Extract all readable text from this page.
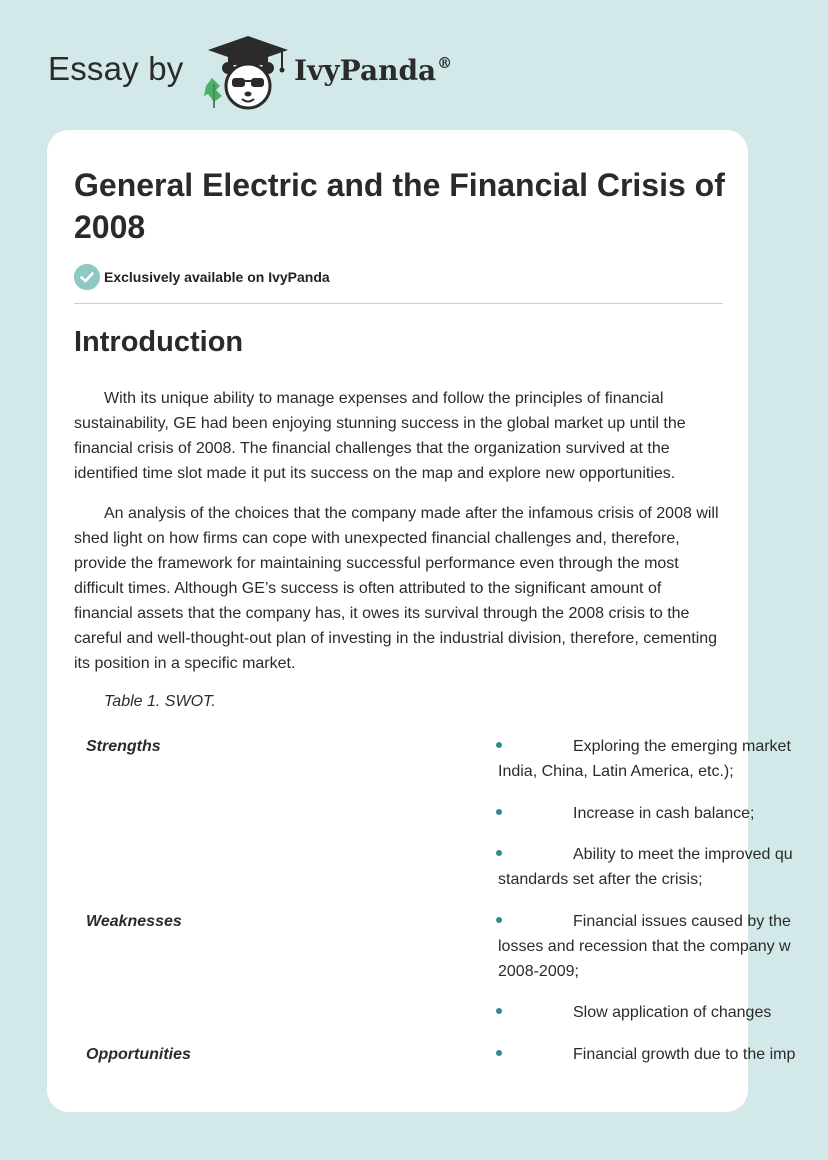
Essay by	IvyPanda®
General Electric and the Financial Crisis of 2008
Exclusively available on IvyPanda
Introduction

With its unique ability to manage expenses and follow the principles of financial sustainability, GE had been enjoying stunning success in the global market up until the financial crisis of 2008. The financial challenges that the organization survived at the identified time slot made it put its success on the map and explore new opportunities.

An analysis of the choices that the company made after the infamous crisis of 2008 will shed light on how firms can cope with unexpected financial challenges and, therefore, provide the framework for maintaining successful performance even through the most difficult times. Although GE’s success is often attributed to the significant amount of financial assets that the company has, it owes its survival through the 2008 crisis to the careful and well-thought-out plan of investing in the industrial division, therefore, cementing its position in a specific market.

Table 1. SWOT.

Strengths

Weaknesses

Opportunities

Exploring the emerging market
India, China, Latin America, etc.);
Increase in cash balance;
Ability to meet the improved qu
standards set after the crisis;
Financial issues caused by the
losses and recession that the company w
2008-2009;
Slow application of changes
Financial growth due to the imp
